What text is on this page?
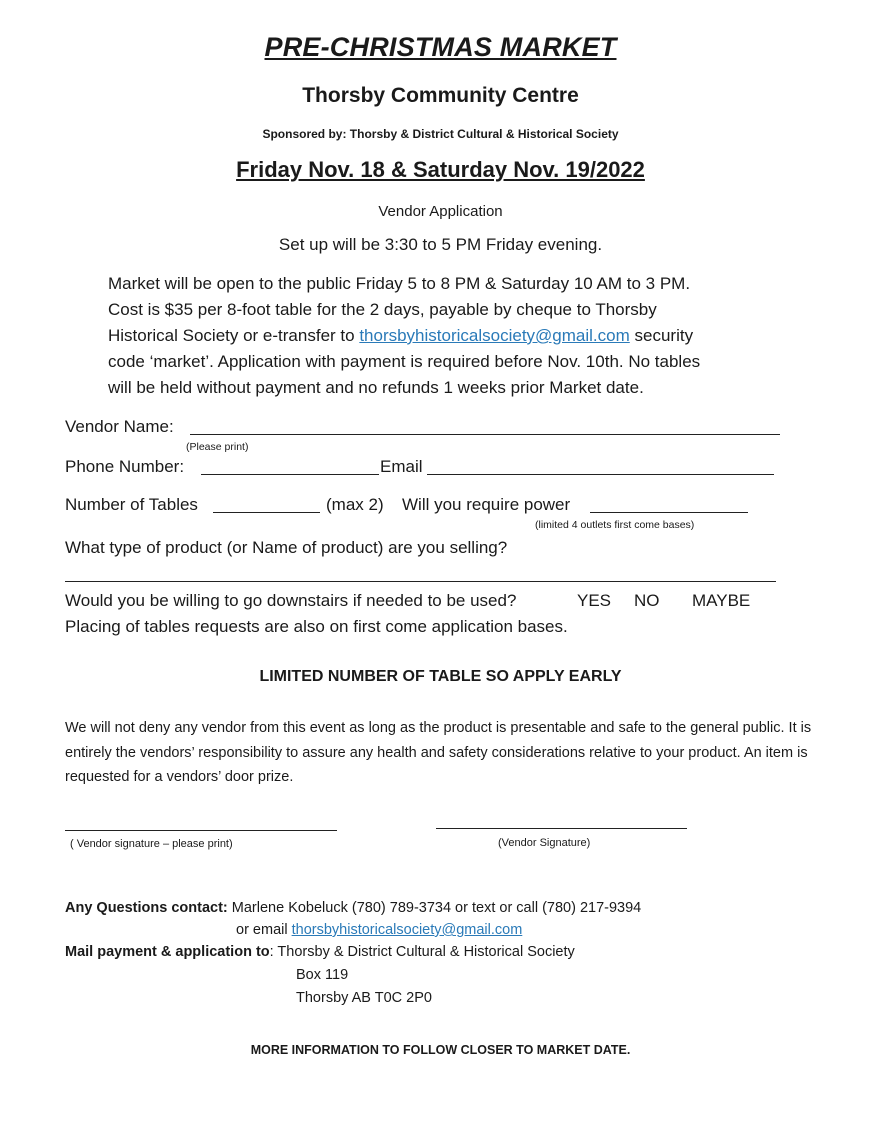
PRE-CHRISTMAS MARKET
Thorsby Community Centre
Sponsored by: Thorsby & District Cultural & Historical Society
Friday Nov. 18 & Saturday Nov. 19/2022
Vendor Application
Set up will be 3:30 to 5 PM Friday evening.
Market will be open to the public Friday 5 to 8 PM & Saturday 10 AM to 3 PM.
Cost is $35 per 8-foot table for the 2 days, payable by cheque to Thorsby
Historical Society or e-transfer to thorsbyhistoricalsociety@gmail.com security
code ‘market’. Application with payment is required before Nov. 10th. No tables
will be held without payment and no refunds 1 weeks prior Market date.
Vendor Name:
(Please print)
Phone Number:	Email
Number of Tables	(max 2) Will you require power
(limited 4 outlets first come bases)
What type of product (or Name of product) are you selling?
Would you be willing to go downstairs if needed to be used?	YES NO MAYBE
Placing of tables requests are also on first come application bases.
LIMITED NUMBER OF TABLE SO APPLY EARLY
We will not deny any vendor from this event as long as the product is presentable and safe to the general public. It is entirely the vendors’ responsibility to assure any health and safety considerations relative to your product. An item is requested for a vendors’ door prize.
( Vendor signature – please print)	(Vendor Signature)
Any Questions contact: Marlene Kobeluck (780) 789-3734 or text or call (780) 217-9394
or email thorsbyhistoricalsociety@gmail.com
Mail payment & application to: Thorsby & District Cultural & Historical Society
Box 119
Thorsby AB T0C 2P0
MORE INFORMATION TO FOLLOW CLOSER TO MARKET DATE.
